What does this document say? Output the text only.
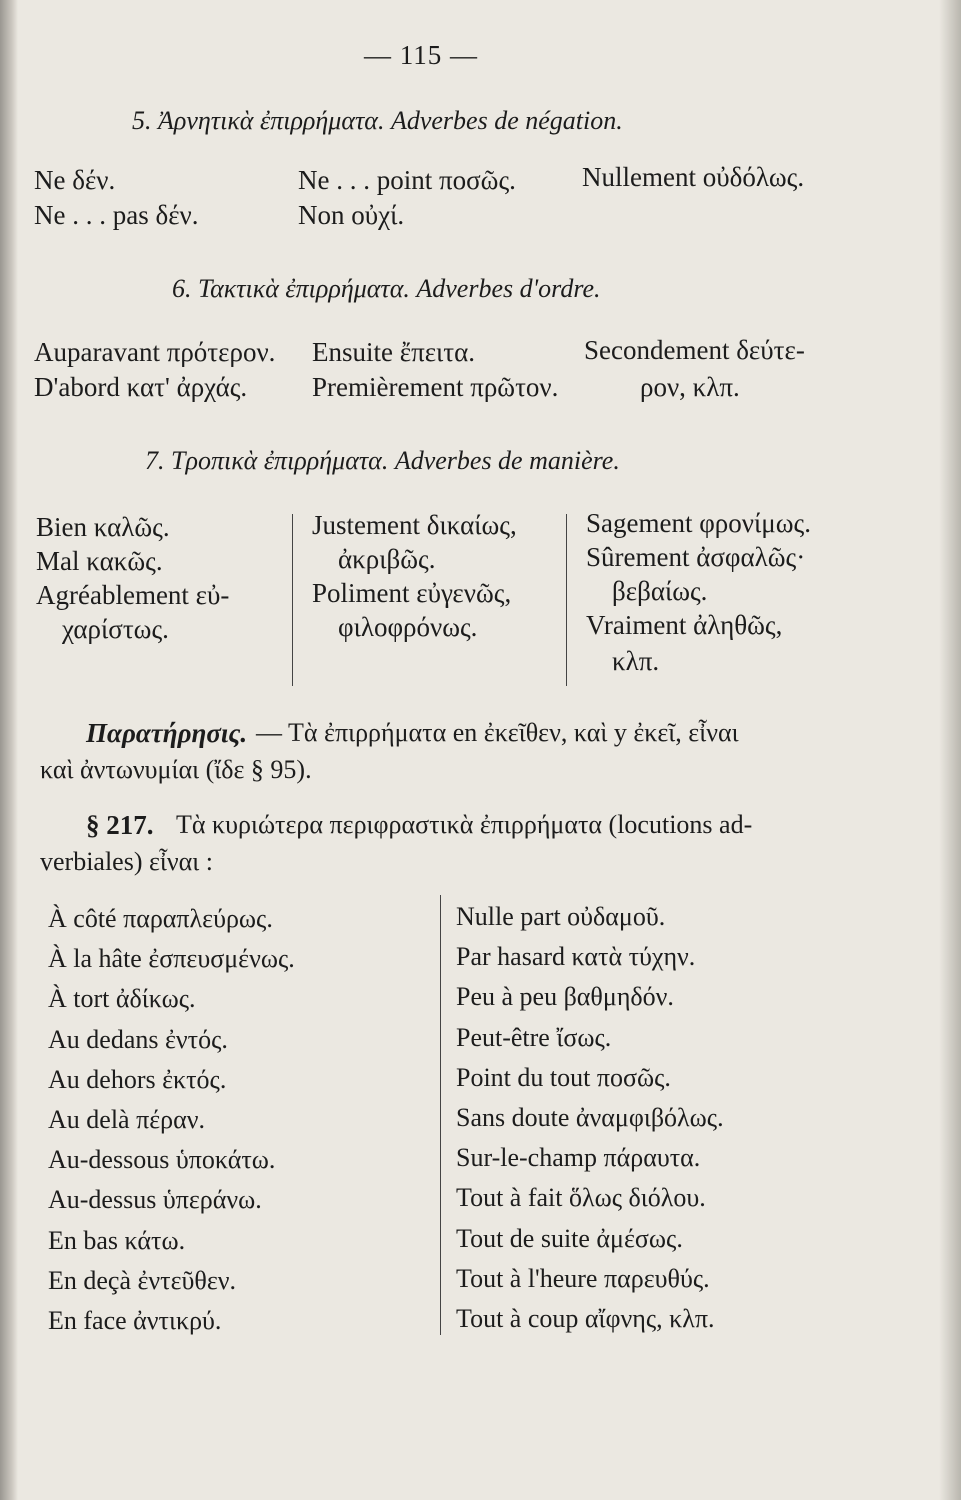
— 115 —
5. Ἀρνητικὰ ἐπιρρήματα. Adverbes de négation.
Ne δέν.
Ne . . . pas δέν.
Ne . . . point ποσῶς.
Non οὐχί.
Nullement οὐδόλως.
6. Τακτικὰ ἐπιρρήματα. Adverbes d'ordre.
Auparavant πρότερον.
D'abord κατ' ἀρχάς.
Ensuite ἔπειτα.
Premièrement πρῶτον.
Secondement δεύτε-
ρον, κλπ.
7. Τροπικὰ ἐπιρρήματα. Adverbes de manière.
Bien καλῶς.
Mal κακῶς.
Agréablement εὐ-
χαρίστως.
Justement δικαίως,
ἀκριβῶς.
Poliment εὐγενῶς,
φιλοφρόνως.
Sagement φρονίμως.
Sûrement ἀσφαλῶς·
βεβαίως.
Vraiment ἀληθῶς,
κλπ.
Παρατήρησις. — Τὰ ἐπιρρήματα en ἐκεῖθεν, καὶ y ἐκεῖ, εἶναι
καὶ ἀντωνυμίαι (ἴδε § 95).
§ 217. Τὰ κυριώτερα περιφραστικὰ ἐπιρρήματα (locutions ad-
verbiales) εἶναι :
À côté παραπλεύρως.
À la hâte ἐσπευσμένως.
À tort ἀδίκως.
Au dedans ἐντός.
Au dehors ἐκτός.
Au delà πέραν.
Au-dessous ὑποκάτω.
Au-dessus ὑπεράνω.
En bas κάτω.
En deçà ἐντεῦθεν.
En face ἀντικρύ.
Nulle part οὐδαμοῦ.
Par hasard κατὰ τύχην.
Peu à peu βαθμηδόν.
Peut-être ἴσως.
Point du tout ποσῶς.
Sans doute ἀναμφιβόλως.
Sur-le-champ πάραυτα.
Tout à fait ὅλως διόλου.
Tout de suite ἀμέσως.
Tout à l'heure παρευθύς.
Tout à coup αἴφνης, κλπ.
